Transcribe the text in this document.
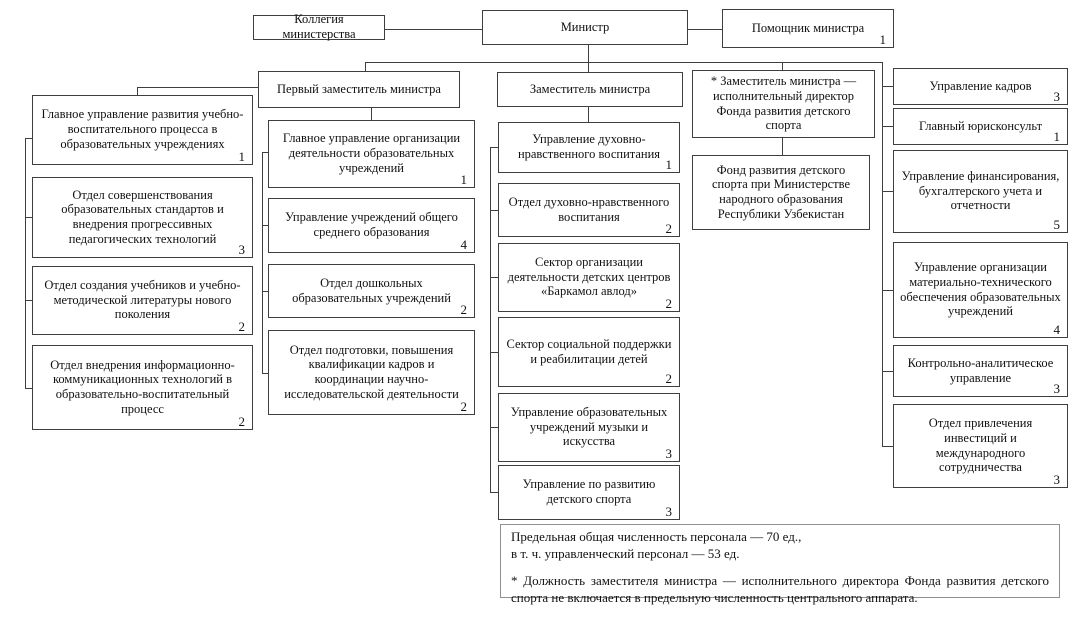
Коллегия министерства
Министр	Помощник министра
1
Главное управление развития учебно-воспитательного процесса в образовательных учреждениях
1
Отдел совершенствования образовательных стандартов и внедрения прогрессивных педагогических технологий
3
Отдел создания учебников и учебно-методической литературы нового поколения
2
Отдел внедрения информационно-коммуникационных технологий в образовательно-воспитательный процесс
2
Первый заместитель министра
Главное управление организации деятельности образовательных учреждений
1
Управление учреждений общего среднего образования
4
Отдел дошкольных образовательных учреждений
2
Отдел подготовки, повышения квалификации кадров и координации научно-исследовательской деятельности
2
Заместитель министра
Управление духовно-нравственного воспитания
1
Отдел духовно-нравственного воспитания
2
Сектор организации деятельности детских центров «Баркамол авлод»
2
Сектор социальной поддержки и реабилитации детей
2
Управление образовательных учреждений музыки и искусства
3
Управление по развитию детского спорта
3
* Заместитель министра — исполнительный директор Фонда развития детского спорта
Фонд развития детского спорта при Министерстве народного образования Республики Узбекистан
Управление кадров
3
Главный юрисконсульт
1
Управление финансирования, бухгалтерского учета и отчетности
5
Управление организации материально-технического обеспечения образовательных учреждений
4
Контрольно-аналитическое управление
3
Отдел привлечения инвестиций и международного сотрудничества
3
Предельная общая численность персонала — 70 ед.,
в т. ч. управленческий персонал — 53 ед.
* Должность заместителя министра — исполнительного директора Фонда развития детского спорта не включается в предельную численность центрального аппарата.
